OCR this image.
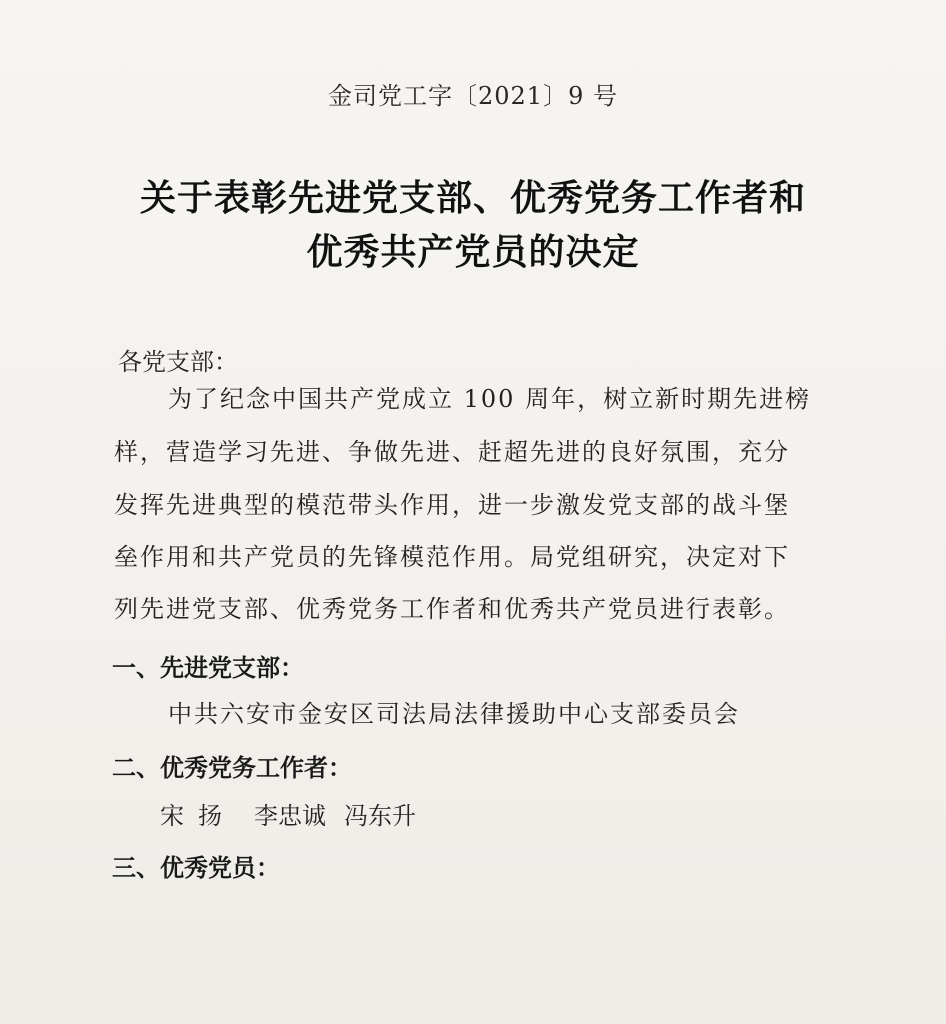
金司党工字〔2021〕9 号
关于表彰先进党支部、优秀党务工作者和
优秀共产党员的决定
各党支部：
为了纪念中国共产党成立 100 周年，树立新时期先进榜
样，营造学习先进、争做先进、赶超先进的良好氛围，充分
发挥先进典型的模范带头作用，进一步激发党支部的战斗堡
垒作用和共产党员的先锋模范作用。局党组研究，决定对下
列先进党支部、优秀党务工作者和优秀共产党员进行表彰。
一、先进党支部：
中共六安市金安区司法局法律援助中心支部委员会
二、优秀党务工作者：
宋扬 李忠诚 冯东升
三、优秀党员：
